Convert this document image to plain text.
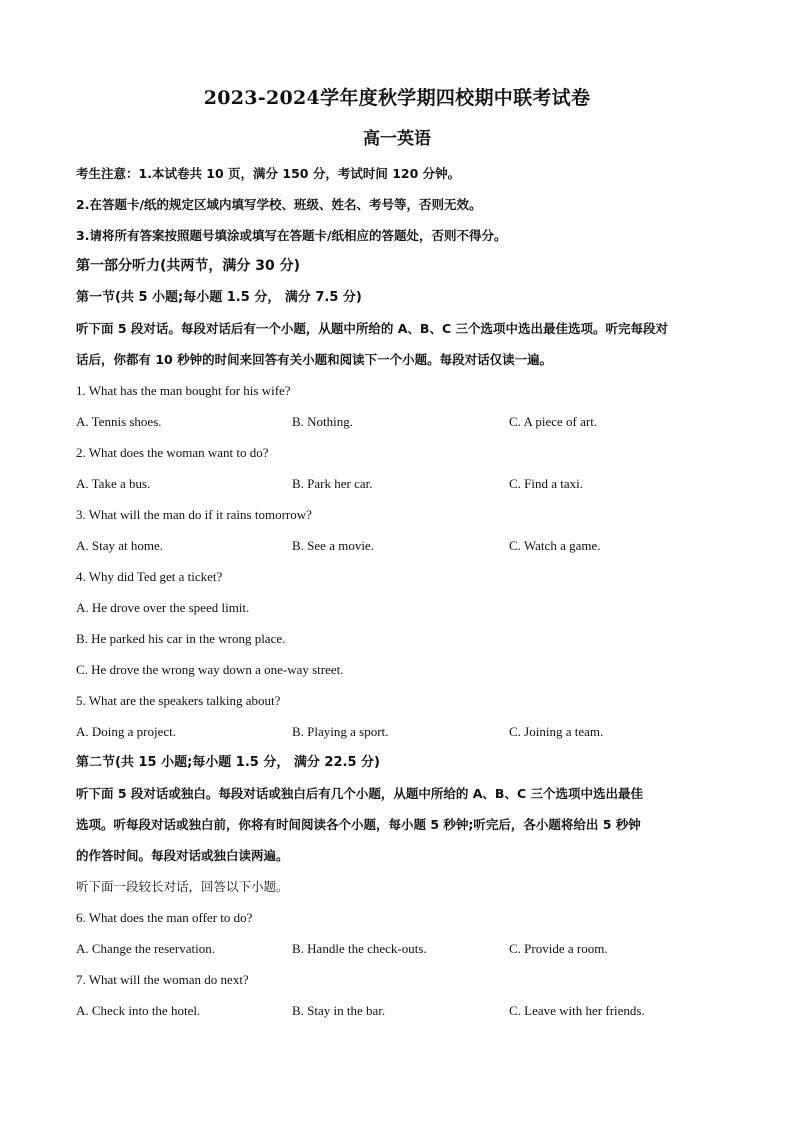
2023-2024学年度秋学期四校期中联考试卷
高一英语
考生注意：1.本试卷共 10 页，满分 150 分，考试时间 120 分钟。
2.在答题卡/纸的规定区域内填写学校、班级、姓名、考号等，否则无效。
3.请将所有答案按照题号填涂或填写在答题卡/纸相应的答题处，否则不得分。
第一部分听力(共两节，满分 30 分)
第一节(共 5 小题;每小题 1.5 分， 满分 7.5 分)
听下面 5 段对话。每段对话后有一个小题，从题中所给的 A、B、C 三个选项中选出最佳选项。听完每段对
话后，你都有 10 秒钟的时间来回答有关小题和阅读下一个小题。每段对话仅读一遍。
1. What has the man bought for his wife?
A. Tennis shoes.	B. Nothing.	C. A piece of art.
2. What does the woman want to do?
A. Take a bus.	B. Park her car.	C. Find a taxi.
3. What will the man do if it rains tomorrow?
A. Stay at home.	B. See a movie.	C. Watch a game.
4. Why did Ted get a ticket?
A. He drove over the speed limit.
B. He parked his car in the wrong place.
C. He drove the wrong way down a one-way street.
5. What are the speakers talking about?
A. Doing a project.	B. Playing a sport.	C. Joining a team.
第二节(共 15 小题;每小题 1.5 分， 满分 22.5 分)
听下面 5 段对话或独白。每段对话或独白后有几个小题，从题中所给的 A、B、C 三个选项中选出最佳
选项。听每段对话或独白前，你将有时间阅读各个小题，每小题 5 秒钟;听完后，各小题将给出 5 秒钟
的作答时间。每段对话或独白读两遍。
听下面一段较长对话，回答以下小题。
6. What does the man offer to do?
A. Change the reservation.	B. Handle the check-outs.	C. Provide a room.
7. What will the woman do next?
A. Check into the hotel.	B. Stay in the bar.	C. Leave with her friends.
